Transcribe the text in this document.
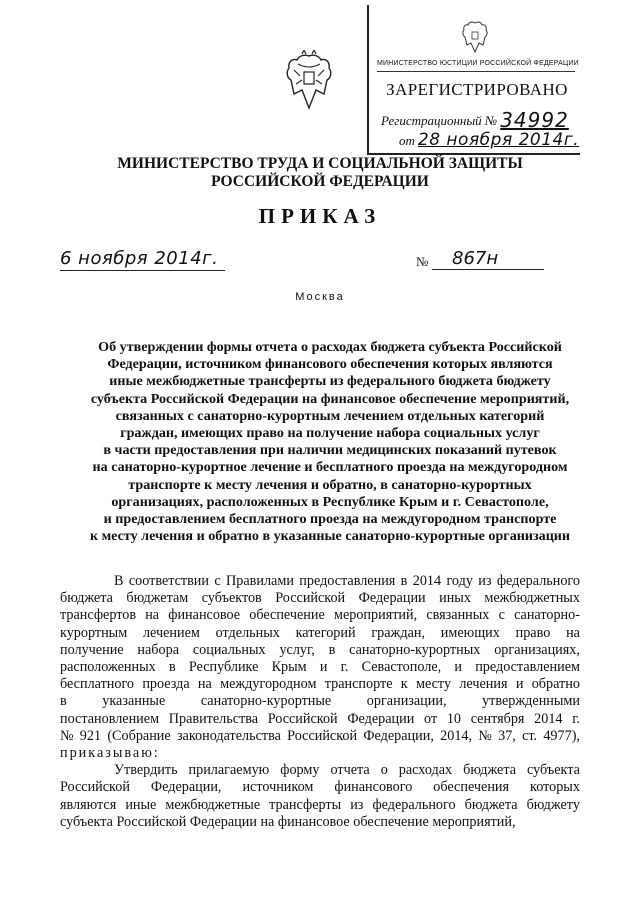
МИНИСТЕРСТВО ЮСТИЦИИ РОССИЙСКОЙ ФЕДЕРАЦИИ
ЗАРЕГИСТРИРОВАНО
Регистрационный № 34992
от 28 ноября 2014г.
МИНИСТЕРСТВО ТРУДА И СОЦИАЛЬНОЙ ЗАЩИТЫ
РОССИЙСКОЙ ФЕДЕРАЦИИ
ПРИКАЗ
6 ноября 2014г.	№	867н
Москва
Об утверждении формы отчета о расходах бюджета субъекта Российской
Федерации, источником финансового обеспечения которых являются
иные межбюджетные трансферты из федерального бюджета бюджету
субъекта Российской Федерации на финансовое обеспечение мероприятий,
связанных с санаторно-курортным лечением отдельных категорий
граждан, имеющих право на получение набора социальных услуг
в части предоставления при наличии медицинских показаний путевок
на санаторно-курортное лечение и бесплатного проезда на междугородном
транспорте к месту лечения и обратно, в санаторно-курортных
организациях, расположенных в Республике Крым и г. Севастополе,
и предоставлением бесплатного проезда на междугородном транспорте
к месту лечения и обратно в указанные санаторно-курортные организации
В соответствии с Правилами предоставления в 2014 году из федерального
бюджета бюджетам субъектов Российской Федерации иных межбюджетных
трансфертов на финансовое обеспечение мероприятий, связанных с санаторно-
курортным лечением отдельных категорий граждан, имеющих право на
получение набора социальных услуг, в санаторно-курортных организациях,
расположенных в Республике Крым и г. Севастополе, и предоставлением
бесплатного проезда на междугородном транспорте к месту лечения и обратно
в	указанные	санаторно-курортные	организации,	утвержденными
постановлением Правительства Российской Федерации от 10 сентября 2014 г.
№ 921 (Собрание законодательства Российской Федерации, 2014, № 37, ст. 4977),
приказываю:
Утвердить прилагаемую форму отчета о расходах бюджета субъекта
Российской Федерации, источником финансового обеспечения которых
являются иные межбюджетные трансферты из федерального бюджета бюджету
субъекта Российской Федерации на финансовое обеспечение мероприятий,
